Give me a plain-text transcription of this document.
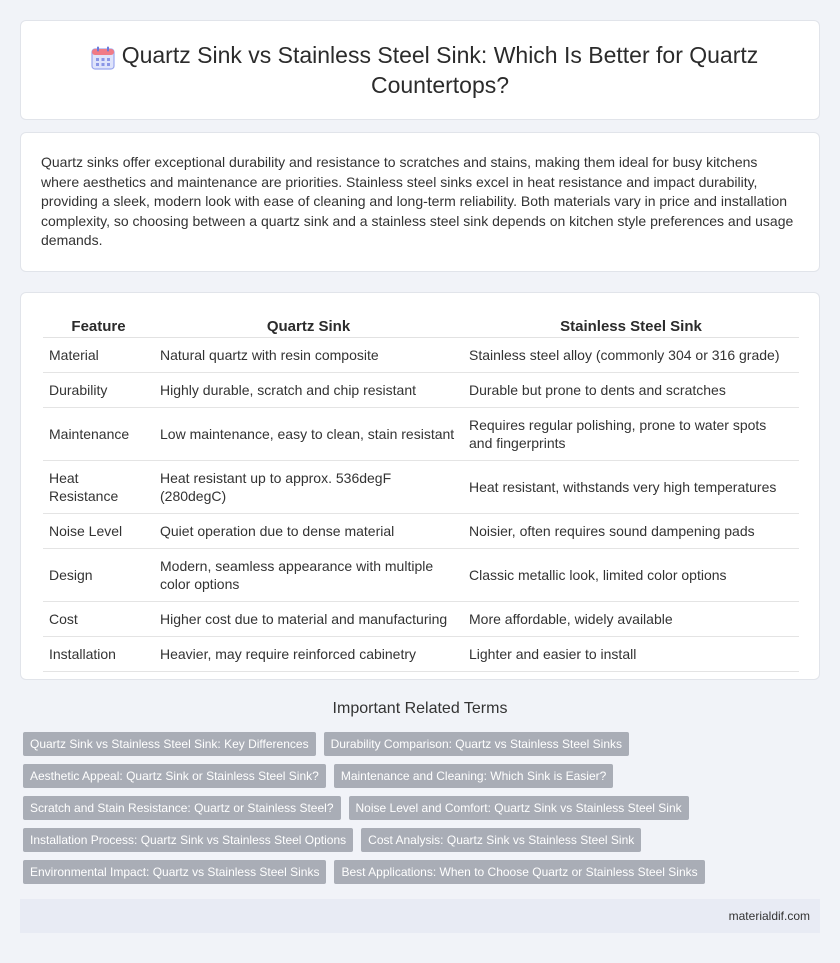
Quartz Sink vs Stainless Steel Sink: Which Is Better for Quartz Countertops?

Quartz sinks offer exceptional durability and resistance to scratches and stains, making them ideal for busy kitchens where aesthetics and maintenance are priorities. Stainless steel sinks excel in heat resistance and impact durability, providing a sleek, modern look with ease of cleaning and long-term reliability. Both materials vary in price and installation complexity, so choosing between a quartz sink and a stainless steel sink depends on kitchen style preferences and usage demands.

Feature	Quartz Sink	Stainless Steel Sink
Material	Natural quartz with resin composite	Stainless steel alloy (commonly 304 or 316 grade)
Durability	Highly durable, scratch and chip resistant	Durable but prone to dents and scratches
Maintenance	Low maintenance, easy to clean, stain resistant	Requires regular polishing, prone to water spots and fingerprints
Heat Resistance	Heat resistant up to approx. 536degF (280degC)	Heat resistant, withstands very high temperatures
Noise Level	Quiet operation due to dense material	Noisier, often requires sound dampening pads
Design	Modern, seamless appearance with multiple color options	Classic metallic look, limited color options
Cost	Higher cost due to material and manufacturing	More affordable, widely available
Installation	Heavier, may require reinforced cabinetry	Lighter and easier to install
Important Related Terms
Quartz Sink vs Stainless Steel Sink: Key Differences	Durability Comparison: Quartz vs Stainless Steel Sinks
Aesthetic Appeal: Quartz Sink or Stainless Steel Sink?	Maintenance and Cleaning: Which Sink is Easier?
Scratch and Stain Resistance: Quartz or Stainless Steel?	Noise Level and Comfort: Quartz Sink vs Stainless Steel Sink
Installation Process: Quartz Sink vs Stainless Steel Options	Cost Analysis: Quartz Sink vs Stainless Steel Sink
Environmental Impact: Quartz vs Stainless Steel Sinks	Best Applications: When to Choose Quartz or Stainless Steel Sinks
materialdif.com
